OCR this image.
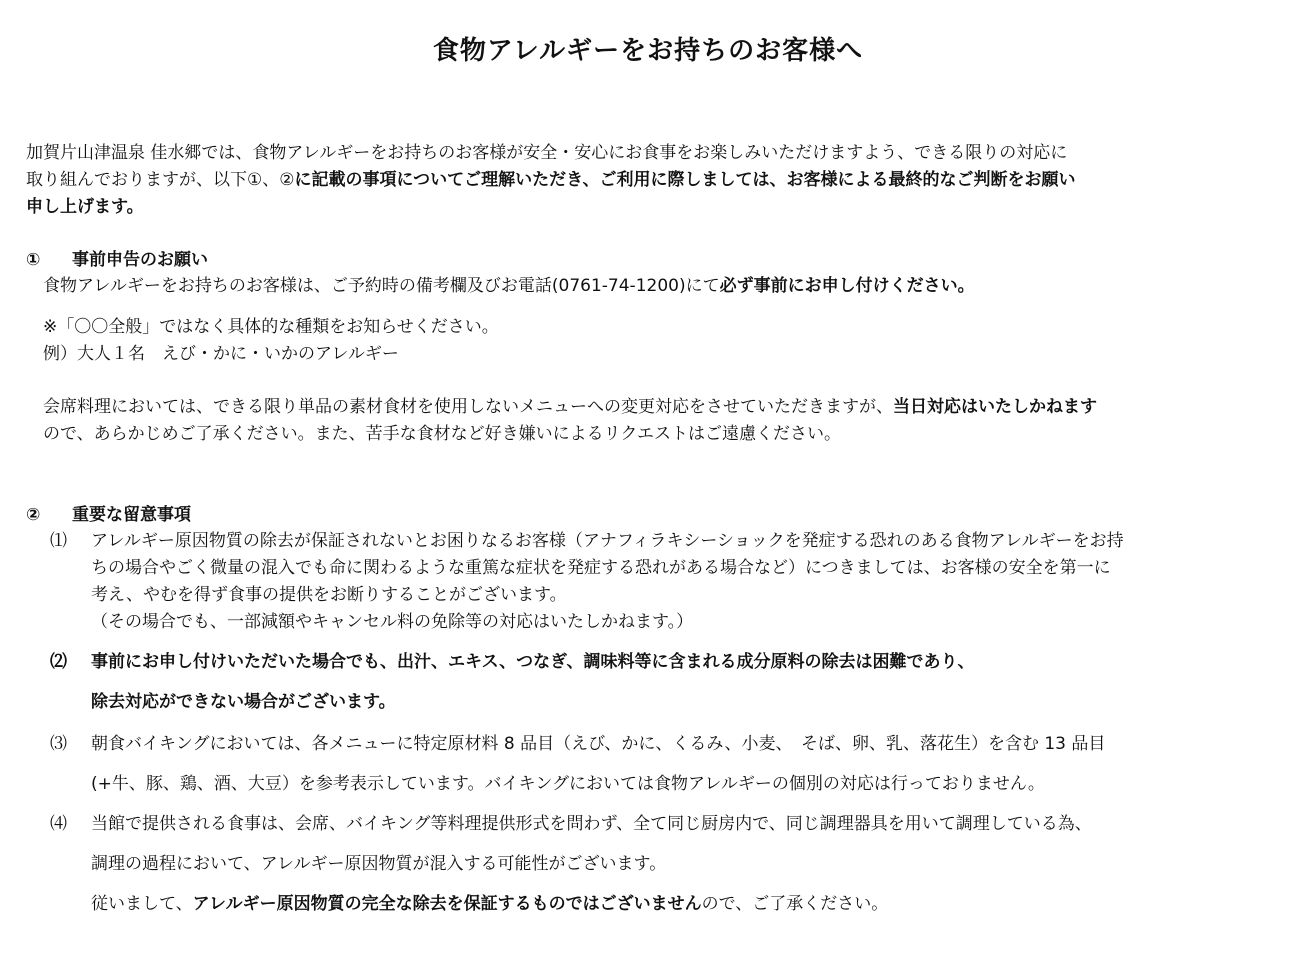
食物アレルギーをお持ちのお客様へ
加賀片山津温泉 佳水郷では、食物アレルギーをお持ちのお客様が安全・安心にお食事をお楽しみいただけますよう、できる限りの対応に
取り組んでおりますが、以下①、②に記載の事項についてご理解いただき、ご利用に際しましては、お客様による最終的なご判断をお願い
申し上げます。
① 事前申告のお願い
食物アレルギーをお持ちのお客様は、ご予約時の備考欄及びお電話(0761-74-1200)にて必ず事前にお申し付けください。
※「〇〇全般」ではなく具体的な種類をお知らせください。
例）大人１名　えび・かに・いかのアレルギー
会席料理においては、できる限り単品の素材食材を使用しないメニューへの変更対応をさせていただきますが、当日対応はいたしかねます
ので、あらかじめご了承ください。また、苦手な食材など好き嫌いによるリクエストはご遠慮ください。
② 重要な留意事項
⑴ アレルギー原因物質の除去が保証されないとお困りなるお客様（アナフィラキシーショックを発症する恐れのある食物アレルギーをお持
ちの場合やごく微量の混入でも命に関わるような重篤な症状を発症する恐れがある場合など）につきましては、お客様の安全を第一に
考え、やむを得ず食事の提供をお断りすることがございます。
（その場合でも、一部減額やキャンセル料の免除等の対応はいたしかねます。）
⑵ 事前にお申し付けいただいた場合でも、出汁、エキス、つなぎ、調味料等に含まれる成分原料の除去は困難であり、
除去対応ができない場合がございます。
⑶ 朝食バイキングにおいては、各メニューに特定原材料 8 品目（えび、かに、くるみ、小麦、　そば、卵、乳、落花生）を含む 13 品目
(+牛、豚、鶏、酒、大豆）を参考表示しています。バイキングにおいては食物アレルギーの個別の対応は行っておりません。
⑷ 当館で提供される食事は、会席、バイキング等料理提供形式を問わず、全て同じ厨房内で、同じ調理器具を用いて調理している為、
調理の過程において、アレルギー原因物質が混入する可能性がございます。
従いまして、アレルギー原因物質の完全な除去を保証するものではございませんので、ご了承ください。
